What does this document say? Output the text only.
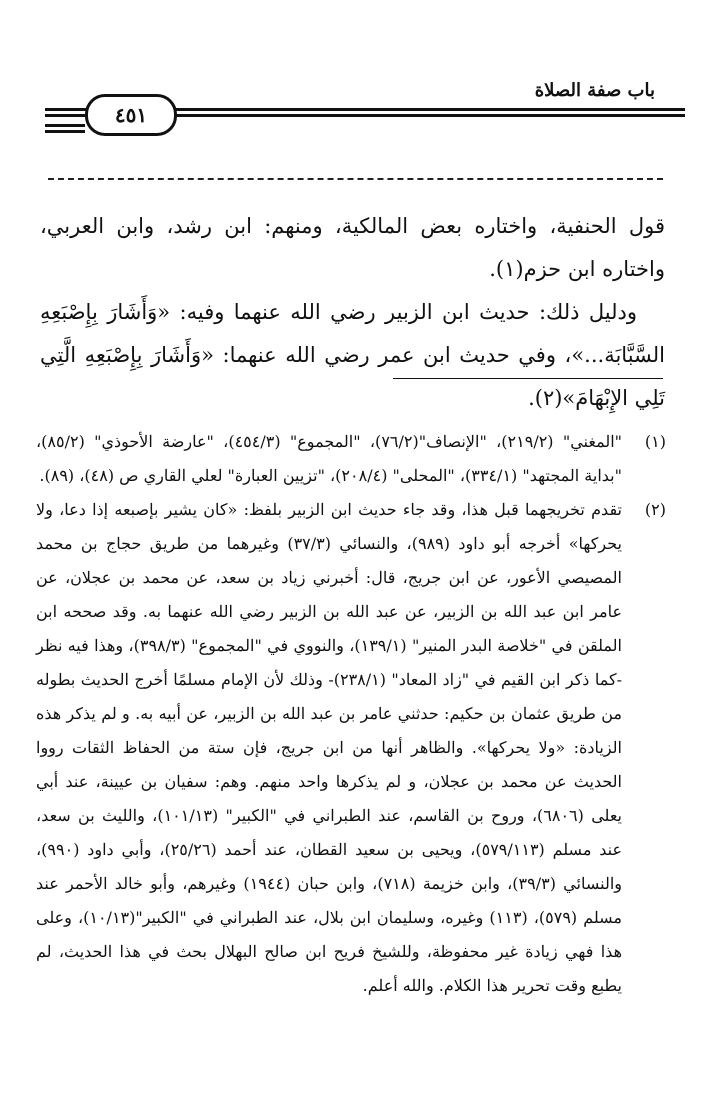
باب صفة الصلاة
٤٥١

قول الحنفية، واختاره بعض المالكية، ومنهم: ابن رشد، وابن العربي، واختاره ابن حزم(١).

ودليل ذلك: حديث ابن الزبير رضي الله عنهما وفيه: «وَأَشَارَ بِإِصْبَعِهِ السَّبَّابَة...»، وفي حديث ابن عمر رضي الله عنهما: «وَأَشَارَ بِإِصْبَعِهِ الَّتِي تَلِي الإِبْهَامَ»(٢).

(١)
"المغني" (٢١٩/٢)، "الإنصاف"(٧٦/٢)، "المجموع" (٤٥٤/٣)، "عارضة الأحوذي" (٨٥/٢)، "بداية المجتهد" (٣٣٤/١)، "المحلى" (٢٠٨/٤)، "تزيين العبارة" لعلي القاري ص (٤٨)، (٨٩).
(٢)
تقدم تخريجهما قبل هذا، وقد جاء حديث ابن الزبير بلفظ: «كان يشير بإصبعه إذا دعا، ولا يحركها» أخرجه أبو داود (٩٨٩)، والنسائي (٣٧/٣) وغيرهما من طريق حجاج بن محمد المصيصي الأعور، عن ابن جريج، قال: أخبرني زياد بن سعد، عن محمد بن عجلان، عن عامر ابن عبد الله بن الزبير، عن عبد الله بن الزبير رضي الله عنهما به. وقد صححه ابن الملقن في "خلاصة البدر المنير" (١٣٩/١)، والنووي في "المجموع" (٣٩٨/٣)، وهذا فيه نظر -كما ذكر ابن القيم في "زاد المعاد" (٢٣٨/١)- وذلك لأن الإمام مسلمًا أخرج الحديث بطوله من طريق عثمان بن حكيم: حدثني عامر بن عبد الله بن الزبير، عن أبيه به. و لم يذكر هذه الزيادة: «ولا يحركها». والظاهر أنها من ابن جريج، فإن ستة من الحفاظ الثقات رووا الحديث عن محمد بن عجلان، و لم يذكرها واحد منهم. وهم: سفيان بن عيينة، عند أبي يعلى (٦٨٠٦)، وروح بن القاسم، عند الطبراني في "الكبير" (١٠١/١٣)، والليث بن سعد، عند مسلم (٥٧٩/١١٣)، ويحيى بن سعيد القطان، عند أحمد (٢٥/٢٦)، وأبي داود (٩٩٠)، والنسائي (٣٩/٣)، وابن خزيمة (٧١٨)، وابن حبان (١٩٤٤) وغيرهم، وأبو خالد الأحمر عند مسلم (٥٧٩)، (١١٣) وغيره، وسليمان ابن بلال، عند الطبراني في "الكبير"(١٠/١٣)، وعلى هذا فهي زيادة غير محفوظة، وللشيخ فريح ابن صالح البهلال بحث في هذا الحديث، لم يطبع وقت تحرير هذا الكلام. والله أعلم.
